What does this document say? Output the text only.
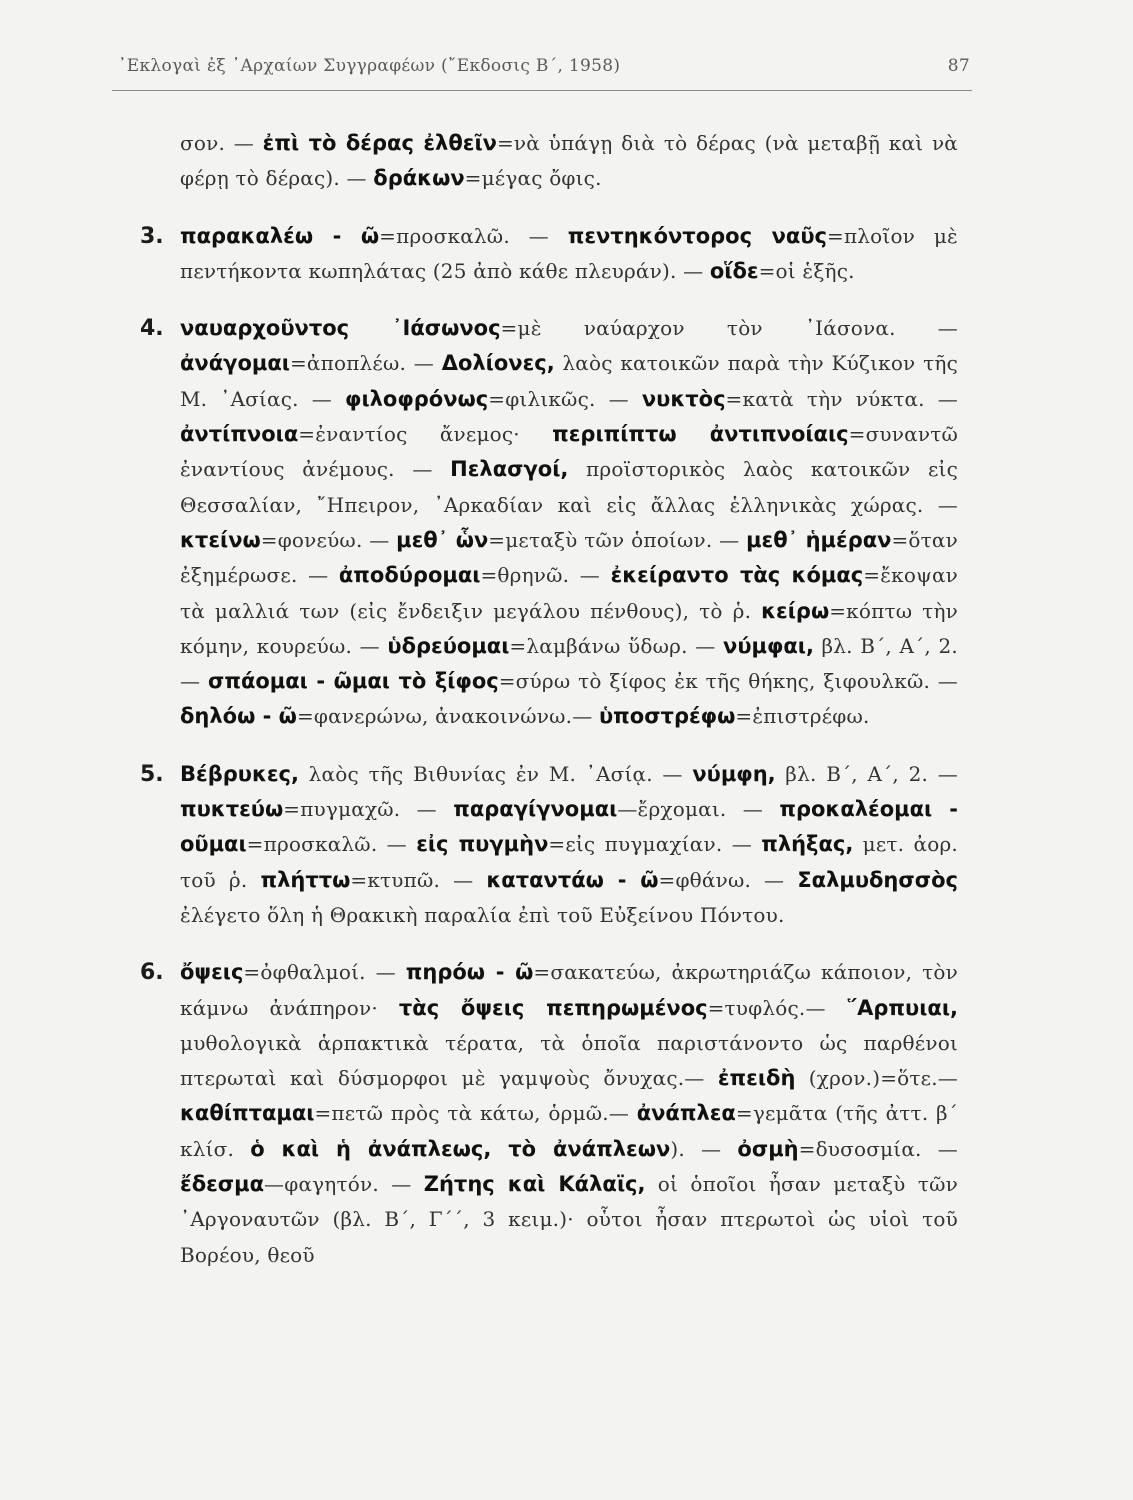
᾿Εκλογαὶ ἐξ ᾿Αρχαίων Συγγραφέων (῎Εκδοσις Β΄, 1958)	87
σον. — ἐπὶ τὸ δέρας ἐλθεῖν=νὰ ὑπάγῃ διὰ τὸ δέρας (νὰ μεταβῇ καὶ νὰ φέρῃ τὸ δέρας). — δράκων=μέγας ὄφις.
3. παρακαλέω - ῶ=προσκαλῶ. — πεντηκόντορος ναῦς=πλοῖον μὲ πεντήκοντα κωπηλάτας (25 ἀπὸ κάθε πλευράν). — οἵδε=οἱ ἑξῆς.
4. ναυαρχοῦντος ᾿Ιάσωνος=μὲ ναύαρχον τὸν ᾿Ιάσονα. — ἀνάγομαι=ἀποπλέω. — Δολίονες, λαὸς κατοικῶν παρὰ τὴν Κύζικον τῆς Μ. ᾿Ασίας. — φιλοφρόνως=φιλικῶς. — νυκτὸς=κατὰ τὴν νύκτα. — ἀντίπνοια=ἐναντίος ἄνεμος· περιπίπτω ἀντιπνοίαις=συναντῶ ἐναντίους ἀνέμους. — Πελασγοί, προϊστορικὸς λαὸς κατοικῶν εἰς Θεσσαλίαν, ῎Ηπειρον, ᾿Αρκαδίαν καὶ εἰς ἄλλας ἑλληνικὰς χώρας. — κτείνω=φονεύω. — μεθ᾿ ὧν=μεταξὺ τῶν ὁποίων. — μεθ᾿ ἡμέραν=ὅταν ἐξημέρωσε. — ἀποδύρομαι=θρηνῶ. — ἐκείραντο τὰς κόμας=ἔκοψαν τὰ μαλλιά των (εἰς ἔνδειξιν μεγάλου πένθους), τὸ ῥ. κείρω=κόπτω τὴν κόμην, κουρεύω. — ὑδρεύομαι=λαμβάνω ὕδωρ. — νύμφαι, βλ. Β΄, Α΄, 2. — σπάομαι - ῶμαι τὸ ξίφος=σύρω τὸ ξίφος ἐκ τῆς θήκης, ξιφουλκῶ. — δηλόω - ῶ=φανερώνω, ἀνακοινώνω.— ὑποστρέφω=ἐπιστρέφω.
5. Βέβρυκες, λαὸς τῆς Βιθυνίας ἐν Μ. ᾿Ασίᾳ. — νύμφη, βλ. Β΄, Α΄, 2. — πυκτεύω=πυγμαχῶ. — παραγίγνομαι—ἔρχομαι. — προκαλέομαι - οῦμαι=προσκαλῶ. — εἰς πυγμὴν=εἰς πυγμαχίαν. — πλήξας, μετ. ἀορ. τοῦ ῥ. πλήττω=κτυπῶ. — καταντάω - ῶ=φθάνω. — Σαλμυδησσὸς ἐλέγετο ὅλη ἡ Θρακικὴ παραλία ἐπὶ τοῦ Εὐξείνου Πόντου.
6. ὄψεις=ὀφθαλμοί. — πηρόω - ῶ=σακατεύω, ἀκρωτηριάζω κάποιον, τὸν κάμνω ἀνάπηρον· τὰς ὄψεις πεπηρωμένος=τυφλός.— ῞Αρπυιαι, μυθολογικὰ ἁρπακτικὰ τέρατα, τὰ ὁποῖα παριστάνοντο ὡς παρθένοι πτερωταὶ καὶ δύσμορφοι μὲ γαμψοὺς ὄνυχας.— ἐπειδὴ (χρον.)=ὅτε.—καθίπταμαι=πετῶ πρὸς τὰ κάτω, ὁρμῶ.— ἀνάπλεα=γεμᾶτα (τῆς ἀττ. β΄ κλίσ. ὁ καὶ ἡ ἀνάπλεως, τὸ ἀνάπλεων). — ὀσμὴ=δυσοσμία. — ἔδεσμα—φαγητόν. — Ζήτης καὶ Κάλαϊς, οἱ ὁποῖοι ἦσαν μεταξὺ τῶν ᾿Αργοναυτῶν (βλ. Β΄, Γ΄΄, 3 κειμ.)· οὗτοι ἦσαν πτερωτοὶ ὡς υἱοὶ τοῦ Βορέου, θεοῦ
